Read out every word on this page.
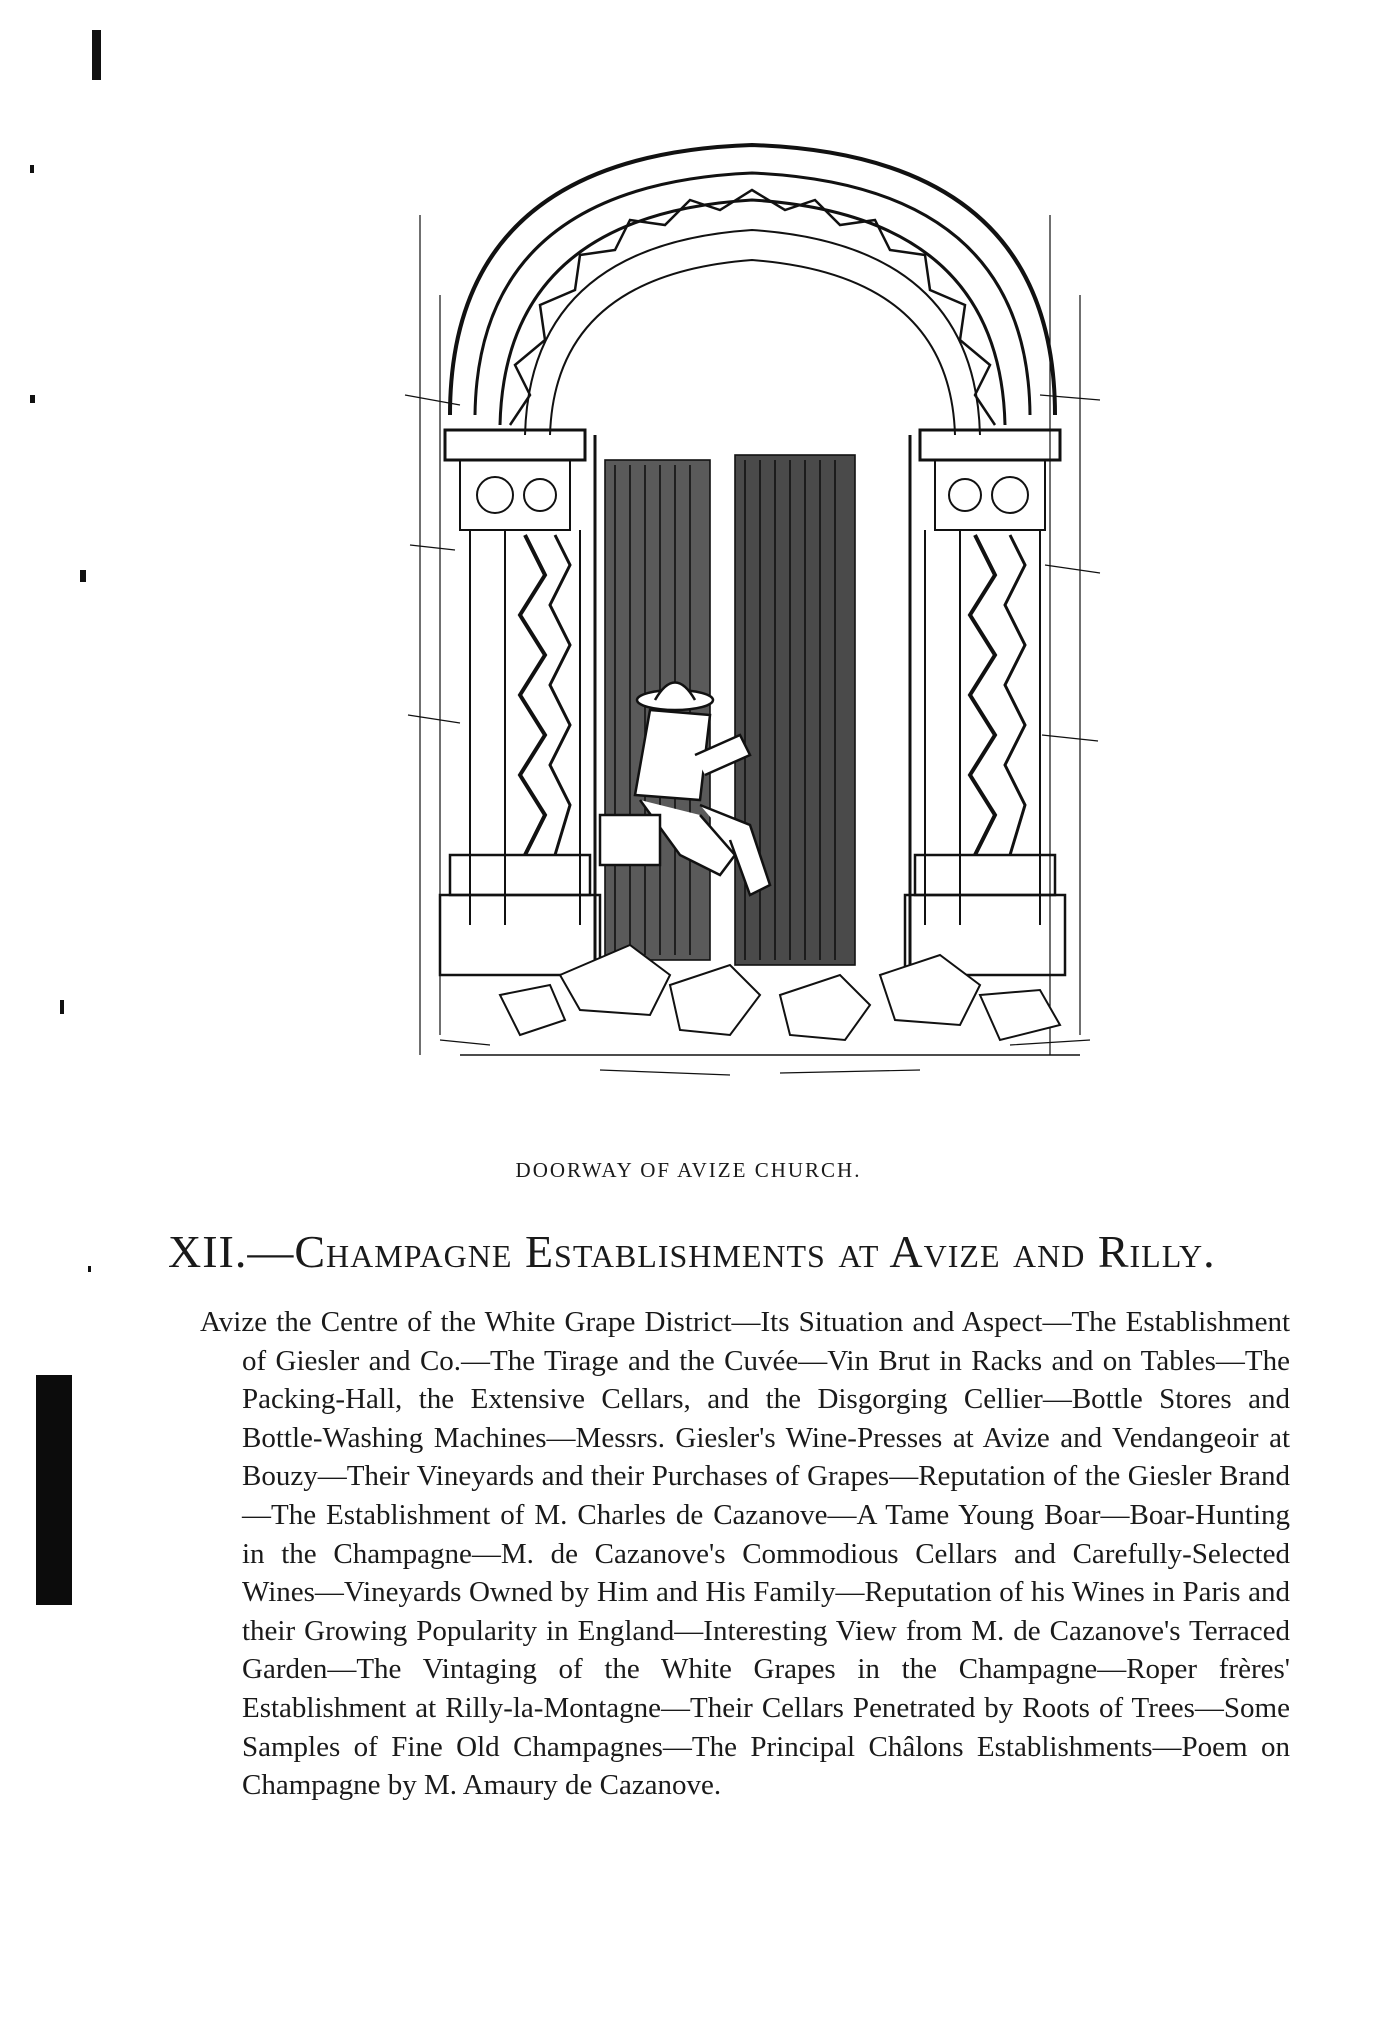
DOORWAY OF AVIZE CHURCH.
XII.—Champagne Establishments at Avize and Rilly.
Avize the Centre of the White Grape District—Its Situation and Aspect—The Establishment of Giesler and Co.—The Tirage and the Cuvée—Vin Brut in Racks and on Tables—The Packing-Hall, the Extensive Cellars, and the Disgorging Cellier—Bottle Stores and Bottle-Washing Machines—Messrs. Giesler's Wine-Presses at Avize and Vendangeoir at Bouzy—Their Vineyards and their Purchases of Grapes—Reputation of the Giesler Brand—The Establishment of M. Charles de Cazanove—A Tame Young Boar—Boar-Hunting in the Champagne—M. de Cazanove's Commodious Cellars and Carefully-Selected Wines—Vineyards Owned by Him and His Family—Reputation of his Wines in Paris and their Growing Popularity in England—Interesting View from M. de Cazanove's Terraced Garden—The Vintaging of the White Grapes in the Champagne—Roper frères' Establishment at Rilly-la-Montagne—Their Cellars Penetrated by Roots of Trees—Some Samples of Fine Old Champagnes—The Principal Châlons Establishments—Poem on Champagne by M. Amaury de Cazanove.
